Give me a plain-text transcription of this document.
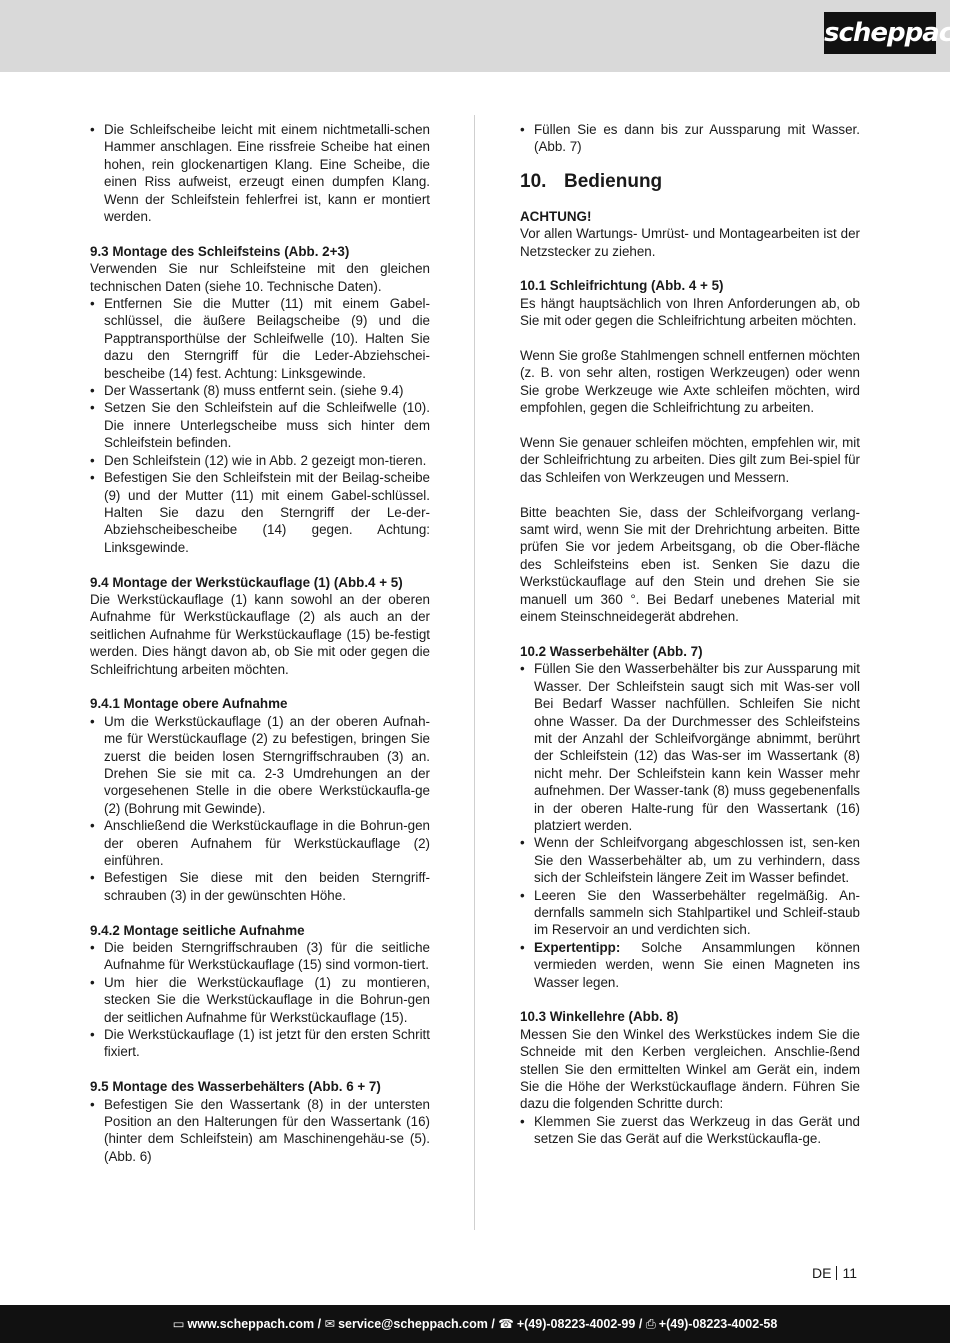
scheppach
• Die Schleifscheibe leicht mit einem nichtmetalli-schen Hammer anschlagen. Eine rissfreie Scheibe hat einen hohen, rein glockenartigen Klang. Eine Scheibe, die einen Riss aufweist, erzeugt einen dumpfen Klang. Wenn der Schleifstein fehlerfrei ist, kann er montiert werden.

9.3 Montage des Schleifsteins (Abb. 2+3)

Verwenden Sie nur Schleifsteine mit den gleichen technischen Daten (siehe 10. Technische Daten).

• Entfernen Sie die Mutter (11) mit einem Gabel-schlüssel, die äußere Beilagscheibe (9) und die Papptransporthülse der Schleifwelle (10). Halten Sie dazu den Sterngriff für die Leder-Abziehschei-bescheibe (14) fest. Achtung: Linksgewinde.
• Der Wassertank (8) muss entfernt sein. (siehe 9.4)
• Setzen Sie den Schleifstein auf die Schleifwelle (10). Die innere Unterlegscheibe muss sich hinter dem Schleifstein befinden.
• Den Schleifstein (12) wie in Abb. 2 gezeigt mon-tieren.
• Befestigen Sie den Schleifstein mit der Beilag-scheibe (9) und der Mutter (11) mit einem Gabel-schlüssel. Halten Sie dazu den Sterngriff der Le-der-Abziehscheibescheibe (14) gegen. Achtung: Linksgewinde.

9.4 Montage der Werkstückauflage (1) (Abb.4 + 5)

Die Werkstückauflage (1) kann sowohl an der oberen Aufnahme für Werkstückauflage (2) als auch an der seitlichen Aufnahme für Werkstückauflage (15) be-festigt werden. Dies hängt davon ab, ob Sie mit oder gegen die Schleifrichtung arbeiten möchten.

9.4.1 Montage obere Aufnahme

• Um die Werkstückauflage (1) an der oberen Aufnah-me für Werstückauflage (2) zu befestigen, bringen Sie zuerst die beiden losen Sterngriffschrauben (3) an. Drehen Sie sie mit ca. 2-3 Umdrehungen an der vorgesehenen Stelle in die obere Werkstückaufla-ge (2) (Bohrung mit Gewinde).
• Anschließend die Werkstückauflage in die Bohrun-gen der oberen Aufnahem für Werkstückauflage (2) einführen.
• Befestigen Sie diese mit den beiden Sterngriff-schrauben (3) in der gewünschten Höhe.

9.4.2 Montage seitliche Aufnahme

• Die beiden Sterngriffschrauben (3) für die seitliche Aufnahme für Werkstückauflage (15) sind vormon-tiert.
• Um hier die Werkstückauflage (1) zu montieren, stecken Sie die Werkstückauflage in die Bohrun-gen der seitlichen Aufnahme für Werkstückauflage (15).
• Die Werkstückauflage (1) ist jetzt für den ersten Schritt fixiert.

9.5 Montage des Wasserbehälters (Abb. 6 + 7)

• Befestigen Sie den Wassertank (8) in der untersten Position an den Halterungen für den Wassertank (16) (hinter dem Schleifstein) am Maschinengehäu-se (5). (Abb. 6)
• Füllen Sie es dann bis zur Aussparung mit Wasser. (Abb. 7)

10. Bedienung

ACHTUNG!

Vor allen Wartungs- Umrüst- und Montagearbeiten ist der Netzstecker zu ziehen.

10.1 Schleifrichtung (Abb. 4 + 5)

Es hängt hauptsächlich von Ihren Anforderungen ab, ob Sie mit oder gegen die Schleifrichtung arbeiten möchten.

Wenn Sie große Stahlmengen schnell entfernen möchten (z. B. von sehr alten, rostigen Werkzeugen) oder wenn Sie grobe Werkzeuge wie Axte schleifen möchten, wird empfohlen, gegen die Schleifrichtung zu arbeiten.

Wenn Sie genauer schleifen möchten, empfehlen wir, mit der Schleifrichtung zu arbeiten. Dies gilt zum Bei-spiel für das Schleifen von Werkzeugen und Messern.

Bitte beachten Sie, dass der Schleifvorgang verlang-samt wird, wenn Sie mit der Drehrichtung arbeiten. Bitte prüfen Sie vor jedem Arbeitsgang, ob die Ober-fläche des Schleifsteins eben ist. Senken Sie dazu die Werkstückauflage auf den Stein und drehen Sie sie manuell um 360 °. Bei Bedarf unebenes Material mit einem Steinschneidegerät abdrehen.

10.2 Wasserbehälter (Abb. 7)

• Füllen Sie den Wasserbehälter bis zur Aussparung mit Wasser. Der Schleifstein saugt sich mit Was-ser voll Bei Bedarf Wasser nachfüllen. Schleifen Sie nicht ohne Wasser. Da der Durchmesser des Schleifsteins mit der Anzahl der Schleifvorgänge abnimmt, berührt der Schleifstein (12) das Was-ser im Wassertank (8) nicht mehr. Der Schleifstein kann kein Wasser mehr aufnehmen. Der Wasser-tank (8) muss gegebenenfalls in der oberen Halte-rung für den Wassertank (16) platziert werden.
• Wenn der Schleifvorgang abgeschlossen ist, sen-ken Sie den Wasserbehälter ab, um zu verhindern, dass sich der Schleifstein längere Zeit im Wasser befindet.
• Leeren Sie den Wasserbehälter regelmäßig. An-dernfalls sammeln sich Stahlpartikel und Schleif-staub im Reservoir an und verdichten sich.
• Expertentipp: Solche Ansammlungen können vermieden werden, wenn Sie einen Magneten ins Wasser legen.

10.3 Winkellehre (Abb. 8)

Messen Sie den Winkel des Werkstückes indem Sie die Schneide mit den Kerben vergleichen. Anschlie-ßend stellen Sie den ermittelten Winkel am Gerät ein, indem Sie die Höhe der Werkstückauflage ändern. Führen Sie dazu die folgenden Schritte durch:

• Klemmen Sie zuerst das Werkzeug in das Gerät und setzen Sie das Gerät auf die Werkstückaufla-ge.
DE 11
▭ www.scheppach.com / ✉ service@scheppach.com / ☎ +(49)-08223-4002-99 / ⎙ +(49)-08223-4002-58
